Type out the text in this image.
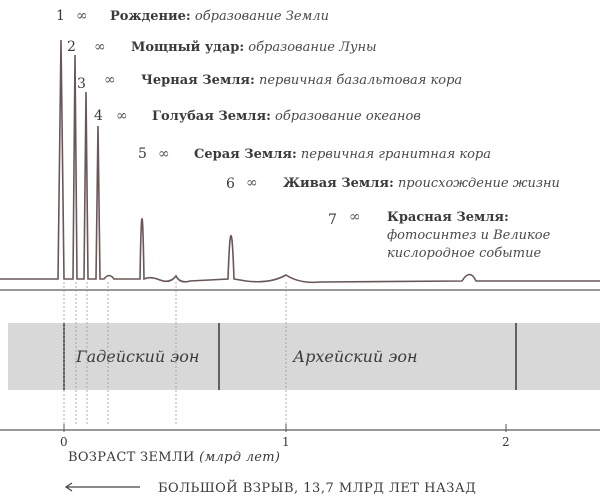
1 ∞ Рождение: образование Земли
2 ∞ Мощный удар: образование Луны
3 ∞ Черная Земля: первичная базальтовая кора
4 ∞ Голубая Земля: образование океанов
5 ∞ Серая Земля: первичная гранитная кора
6 ∞ Живая Земля: происхождение жизни
7 ∞ Красная Земля:
фотосинтез и Великое
кислородное событие
Гадейский эон	Архейский эон
0	1	2
ВОЗРАСТ ЗЕМЛИ (млрд лет)
БОЛЬШОЙ ВЗРЫВ, 13,7 МЛРД ЛЕТ НАЗАД
